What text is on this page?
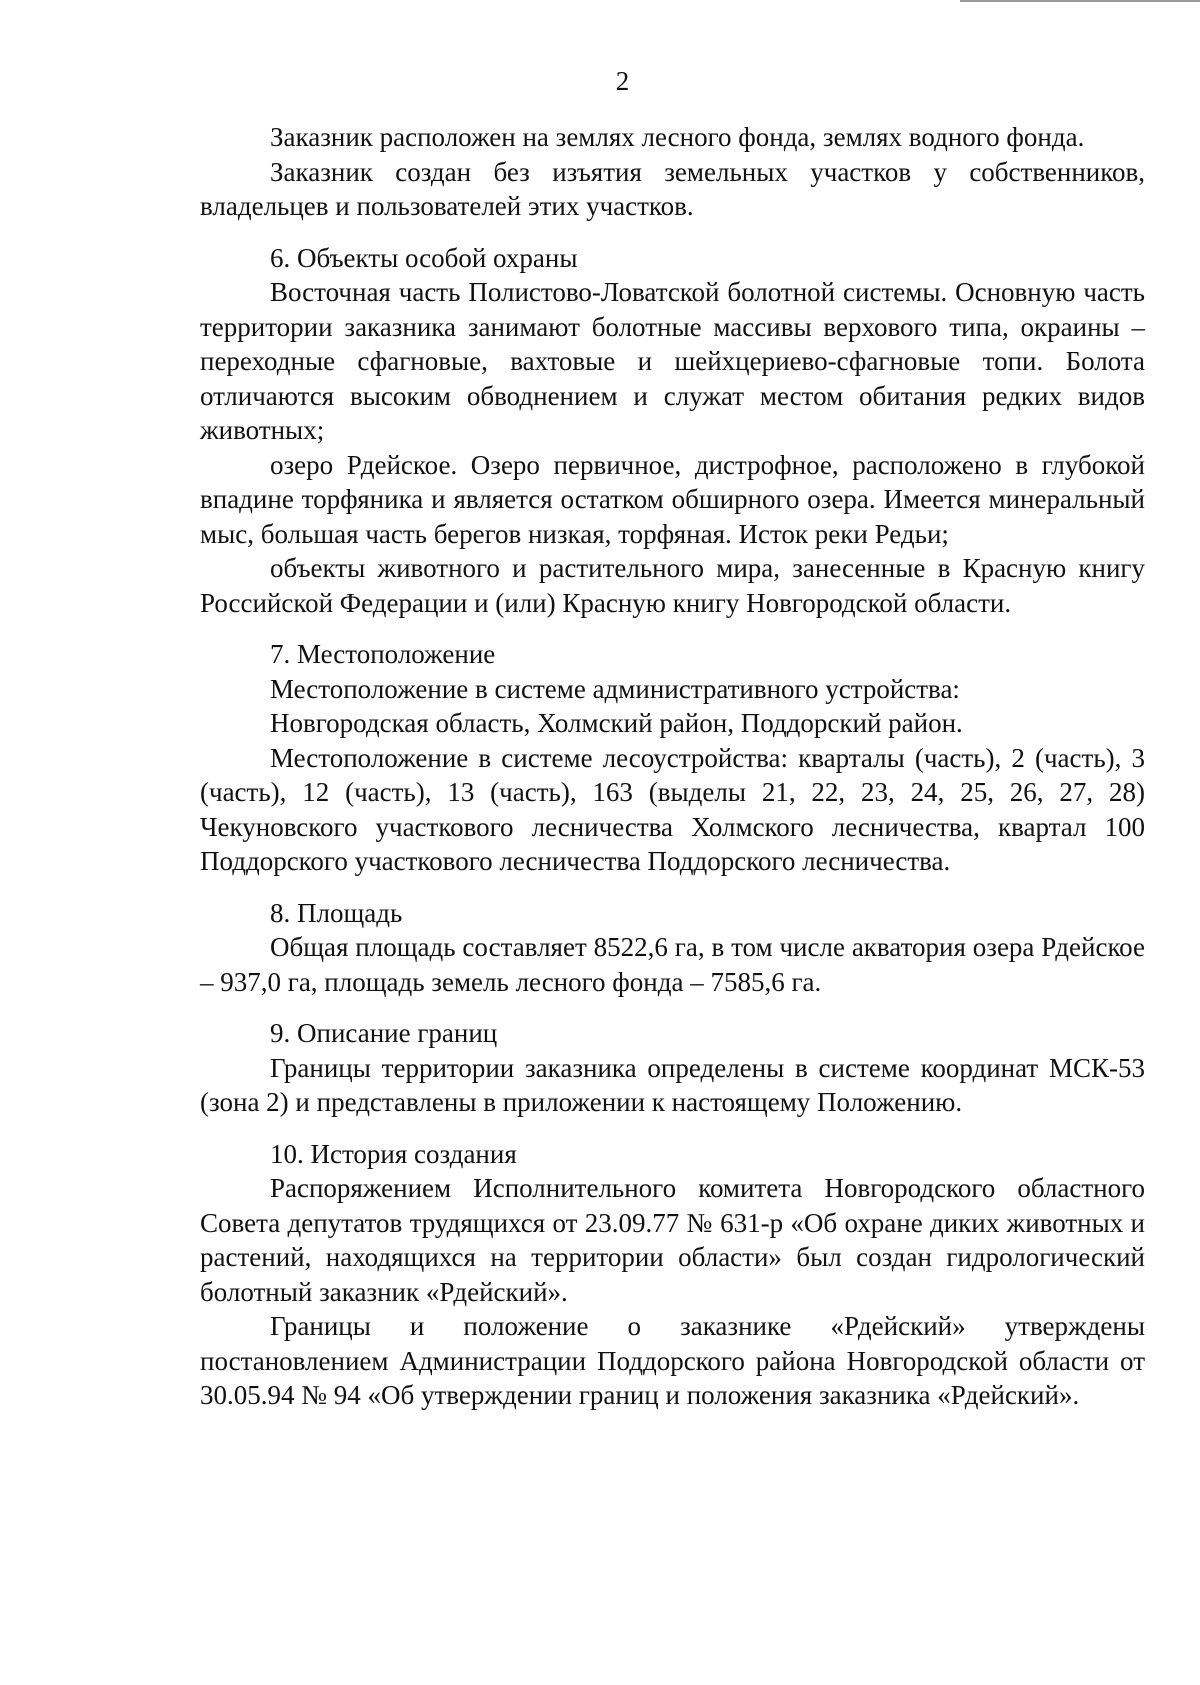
2

Заказник расположен на землях лесного фонда, землях водного фонда.

Заказник создан без изъятия земельных участков у собственников, владельцев и пользователей этих участков.

6. Объекты особой охраны

Восточная часть Полистово-Ловатской болотной системы. Основную часть территории заказника занимают болотные массивы верхового типа, окраины – переходные сфагновые, вахтовые и шейхцериево-сфагновые топи. Болота отличаются высоким обводнением и служат местом обитания редких видов животных;

озеро Рдейское. Озеро первичное, дистрофное, расположено в глубокой впадине торфяника и является остатком обширного озера. Имеется минеральный мыс, большая часть берегов низкая, торфяная. Исток реки Редьи;

объекты животного и растительного мира, занесенные в Красную книгу Российской Федерации и (или) Красную книгу Новгородской области.

7. Местоположение

Местоположение в системе административного устройства:

Новгородская область, Холмский район, Поддорский район.

Местоположение в системе лесоустройства: кварталы (часть), 2 (часть), 3 (часть), 12 (часть), 13 (часть), 163 (выделы 21, 22, 23, 24, 25, 26, 27, 28) Чекуновского участкового лесничества Холмского лесничества, квартал 100 Поддорского участкового лесничества Поддорского лесничества.

8. Площадь

Общая площадь составляет 8522,6 га, в том числе акватория озера Рдейское – 937,0 га, площадь земель лесного фонда – 7585,6 га.

9. Описание границ

Границы территории заказника определены в системе координат МСК-53 (зона 2) и представлены в приложении к настоящему Положению.

10. История создания

Распоряжением Исполнительного комитета Новгородского областного Совета депутатов трудящихся от 23.09.77 № 631-р «Об охране диких животных и растений, находящихся на территории области» был создан гидрологический болотный заказник «Рдейский».

Границы и положение о заказнике «Рдейский» утверждены постановлением Администрации Поддорского района Новгородской области от 30.05.94 № 94 «Об утверждении границ и положения заказника «Рдейский».
